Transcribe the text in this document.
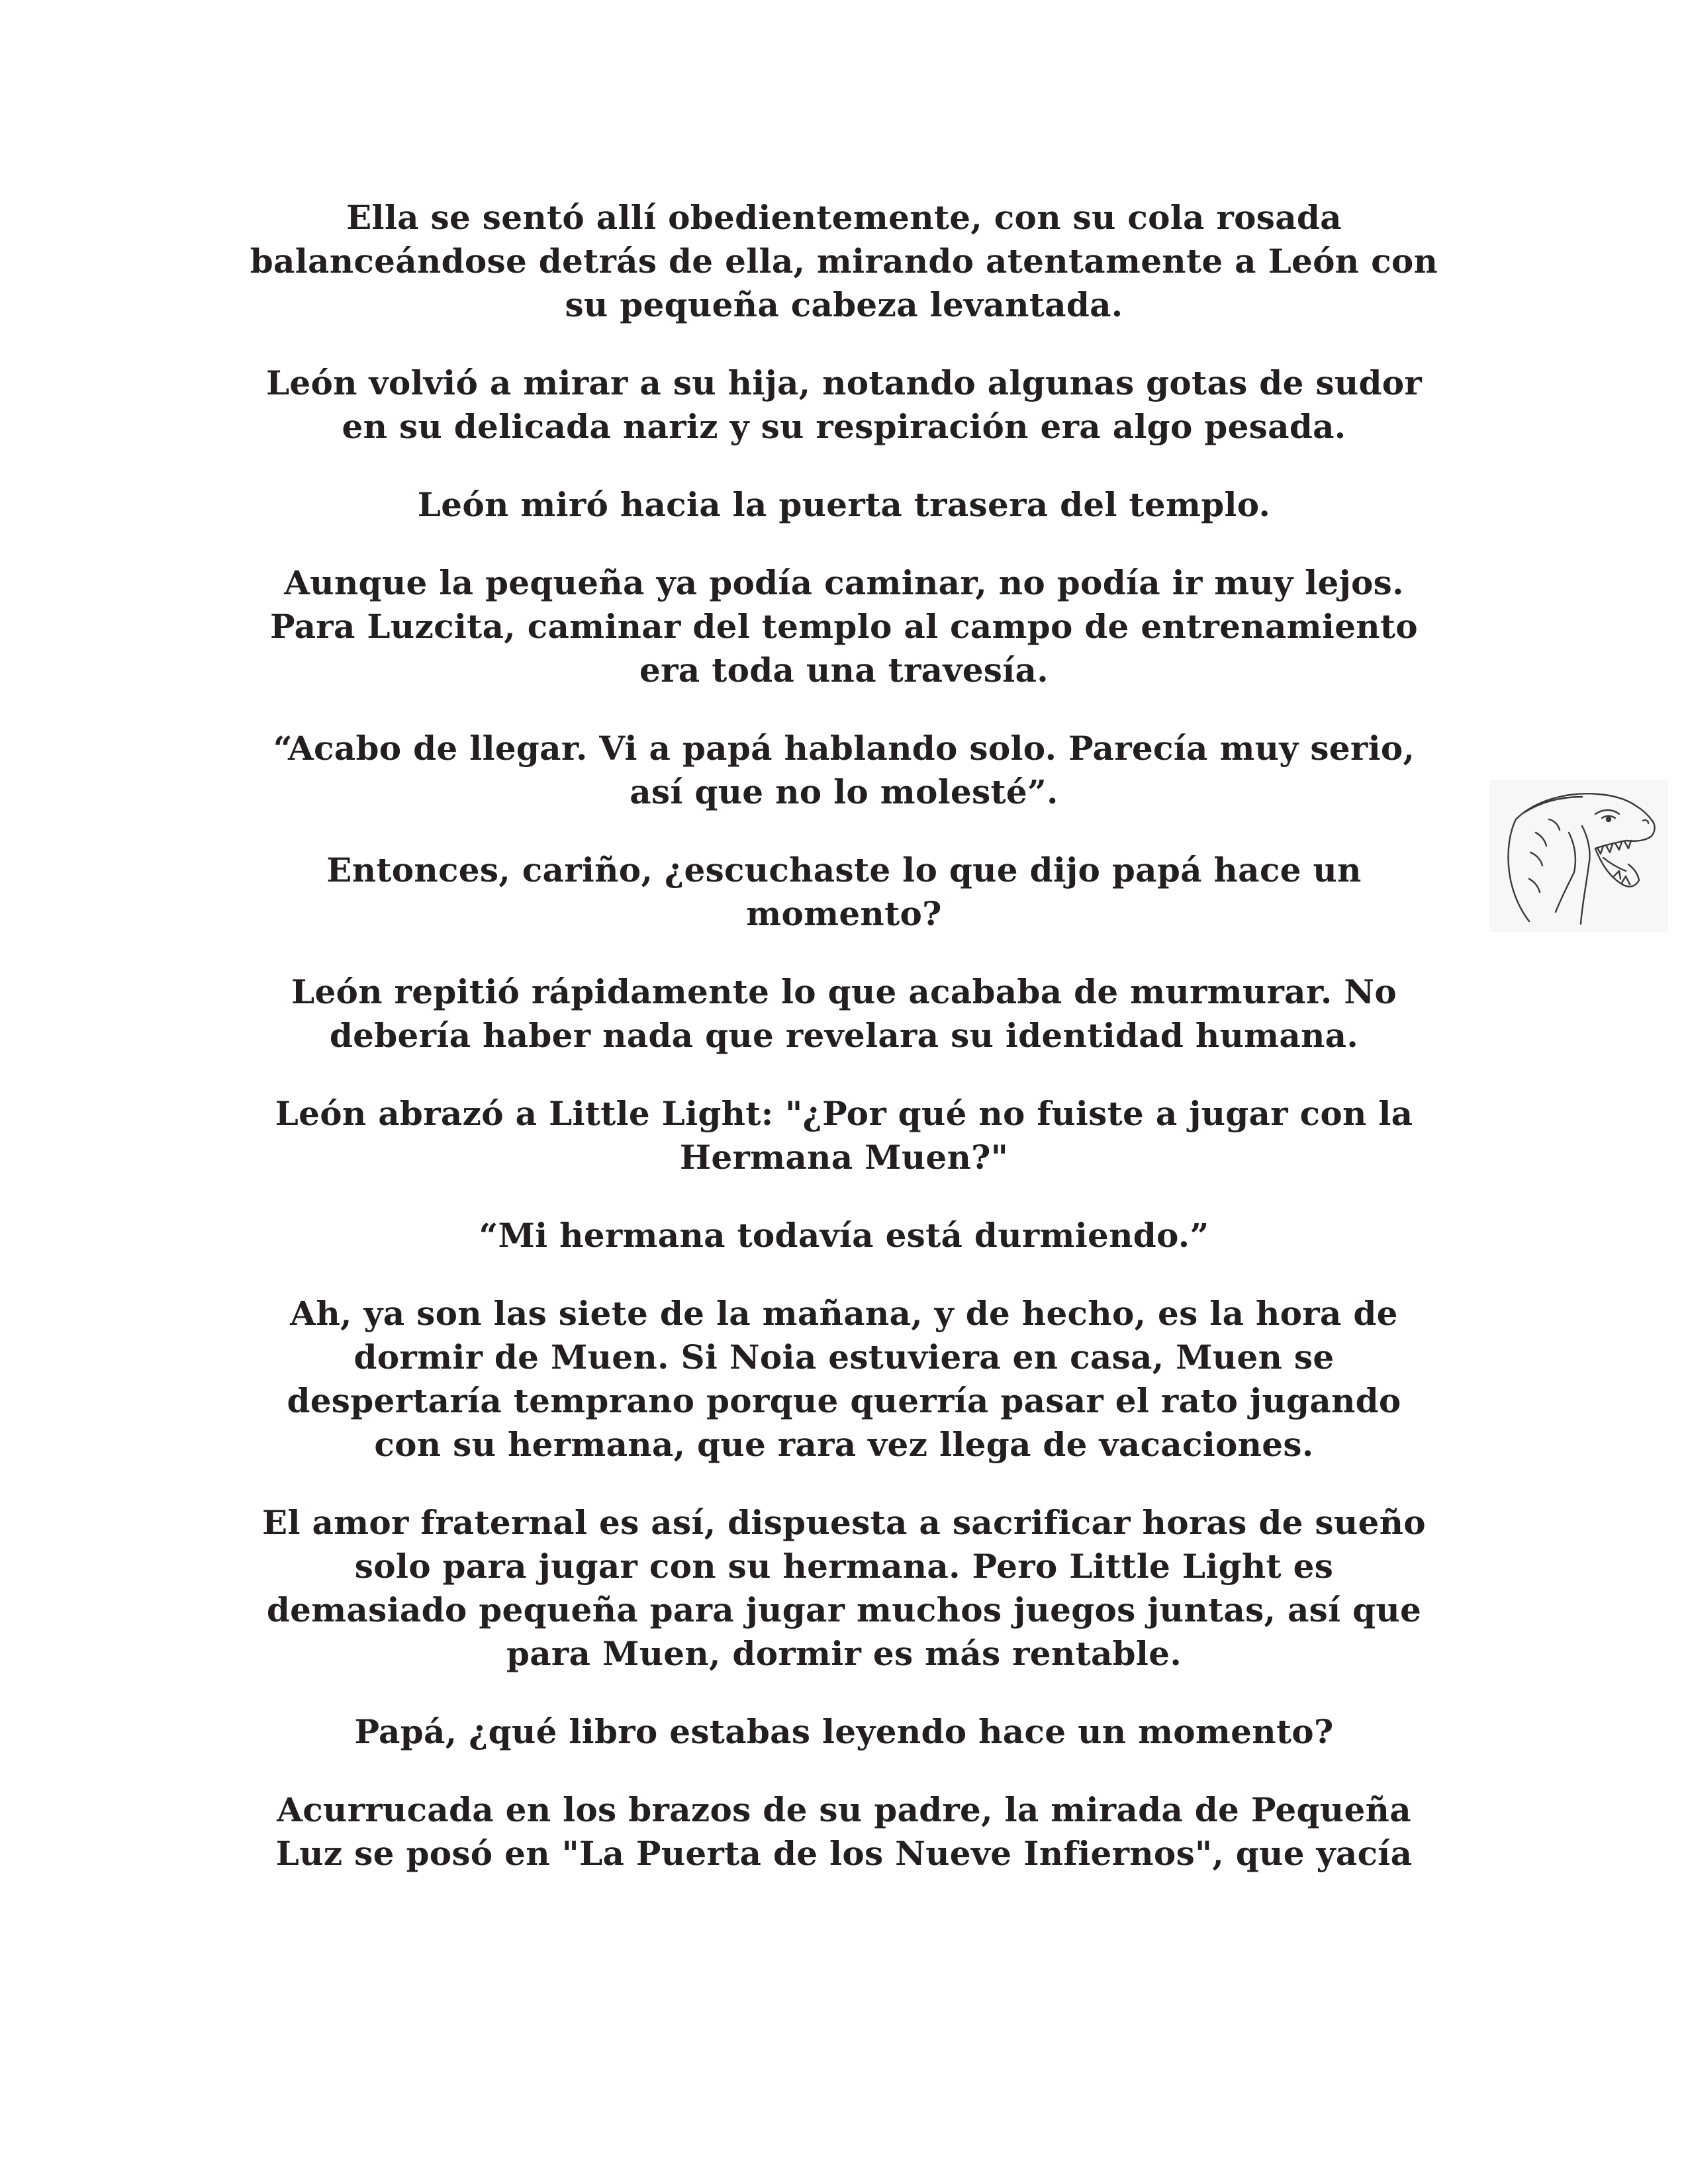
Ella se sentó allí obedientemente, con su cola rosada
balanceándose detrás de ella, mirando atentamente a León con
su pequeña cabeza levantada.
León volvió a mirar a su hija, notando algunas gotas de sudor
en su delicada nariz y su respiración era algo pesada.
León miró hacia la puerta trasera del templo.
Aunque la pequeña ya podía caminar, no podía ir muy lejos.
Para Luzcita, caminar del templo al campo de entrenamiento
era toda una travesía.
“Acabo de llegar. Vi a papá hablando solo. Parecía muy serio,
así que no lo molesté”.
Entonces, cariño, ¿escuchaste lo que dijo papá hace un
momento?
León repitió rápidamente lo que acababa de murmurar. No
debería haber nada que revelara su identidad humana.
León abrazó a Little Light: "¿Por qué no fuiste a jugar con la
Hermana Muen?"
“Mi hermana todavía está durmiendo.”
Ah, ya son las siete de la mañana, y de hecho, es la hora de
dormir de Muen. Si Noia estuviera en casa, Muen se
despertaría temprano porque querría pasar el rato jugando
con su hermana, que rara vez llega de vacaciones.
El amor fraternal es así, dispuesta a sacrificar horas de sueño
solo para jugar con su hermana. Pero Little Light es
demasiado pequeña para jugar muchos juegos juntas, así que
para Muen, dormir es más rentable.
Papá, ¿qué libro estabas leyendo hace un momento?
Acurrucada en los brazos de su padre, la mirada de Pequeña
Luz se posó en "La Puerta de los Nueve Infiernos", que yacía
